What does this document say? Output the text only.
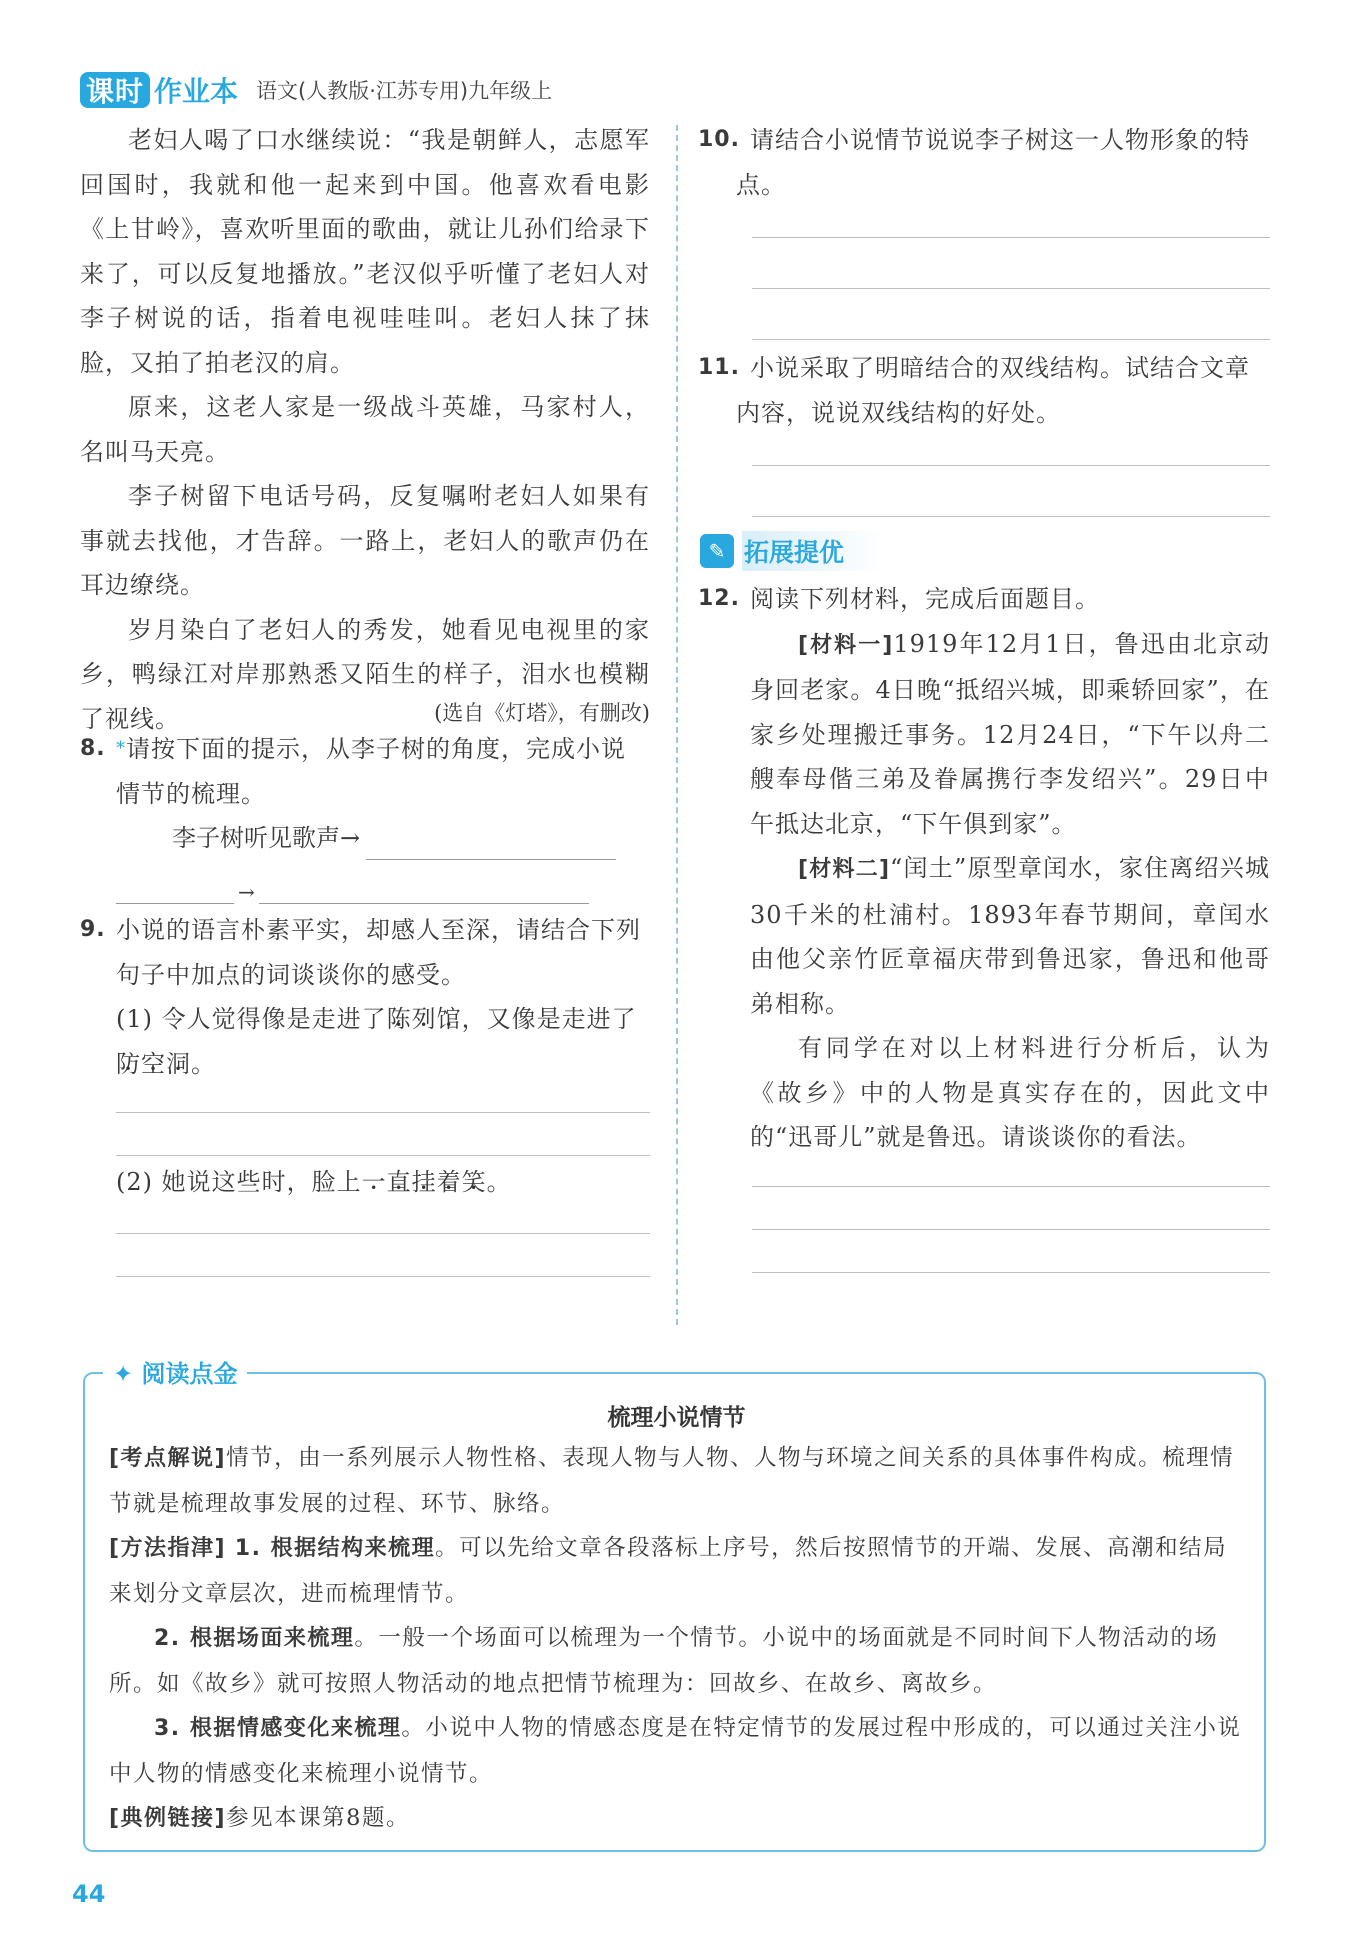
课时 作业本 语文(人教版·江苏专用)九年级上

老妇人喝了口水继续说：“我是朝鲜人，志愿军回国时，我就和他一起来到中国。他喜欢看电影《上甘岭》，喜欢听里面的歌曲，就让儿孙们给录下来了，可以反复地播放。”老汉似乎听懂了老妇人对李子树说的话，指着电视哇哇叫。老妇人抹了抹脸，又拍了拍老汉的肩。

原来，这老人家是一级战斗英雄，马家村人，名叫马天亮。

李子树留下电话号码，反复嘱咐老妇人如果有事就去找他，才告辞。一路上，老妇人的歌声仍在耳边缭绕。

岁月染白了老妇人的秀发，她看见电视里的家乡，鸭绿江对岸那熟悉又陌生的样子，泪水也模糊了视线。	(选自《灯塔》，有删改)

8. *请按下面的提示，从李子树的角度，完成小说情节的梳理。

李子树听见歌声→
→

9. 小说的语言朴素平实，却感人至深，请结合下列句子中加点的词谈谈你的感受。

(1) 令人觉得像是走进了陈 •列 •馆 •，又像是走进了防 •空 •洞 •。

(2) 她说这些时，脸上一 •直 •挂 •着 •笑 •。

10. 请结合小说情节说说李子树这一人物形象的特点。

11. 小说采取了明暗结合的双线结构。试结合文章内容，说说双线结构的好处。

✎ 拓展提优

12. 阅读下列材料，完成后面题目。

[材料一]1919年12月1日，鲁迅由北京动身回老家。4日晚“抵绍兴城，即乘轿回家”，在家乡处理搬迁事务。12月24日，“下午以舟二艘奉母偕三弟及眷属携行李发绍兴”。29日中午抵达北京，“下午俱到家”。

[材料二]“闰土”原型章闰水，家住离绍兴城30千米的杜浦村。1893年春节期间，章闰水由他父亲竹匠章福庆带到鲁迅家，鲁迅和他哥弟相称。

有同学在对以上材料进行分析后，认为《故乡》中的人物是真实存在的，因此文中的“迅哥儿”就是鲁迅。请谈谈你的看法。

✦ 阅读点金
梳理小说情节

[考点解说]情节，由一系列展示人物性格、表现人物与人物、人物与环境之间关系的具体事件构成。梳理情节就是梳理故事发展的过程、环节、脉络。

[方法指津] 1. 根据结构来梳理。可以先给文章各段落标上序号，然后按照情节的开端、发展、高潮和结局来划分文章层次，进而梳理情节。

2. 根据场面来梳理。一般一个场面可以梳理为一个情节。小说中的场面就是不同时间下人物活动的场所。如《故乡》就可按照人物活动的地点把情节梳理为：回故乡、在故乡、离故乡。

3. 根据情感变化来梳理。小说中人物的情感态度是在特定情节的发展过程中形成的，可以通过关注小说中人物的情感变化来梳理小说情节。

[典例链接]参见本课第8题。

44
